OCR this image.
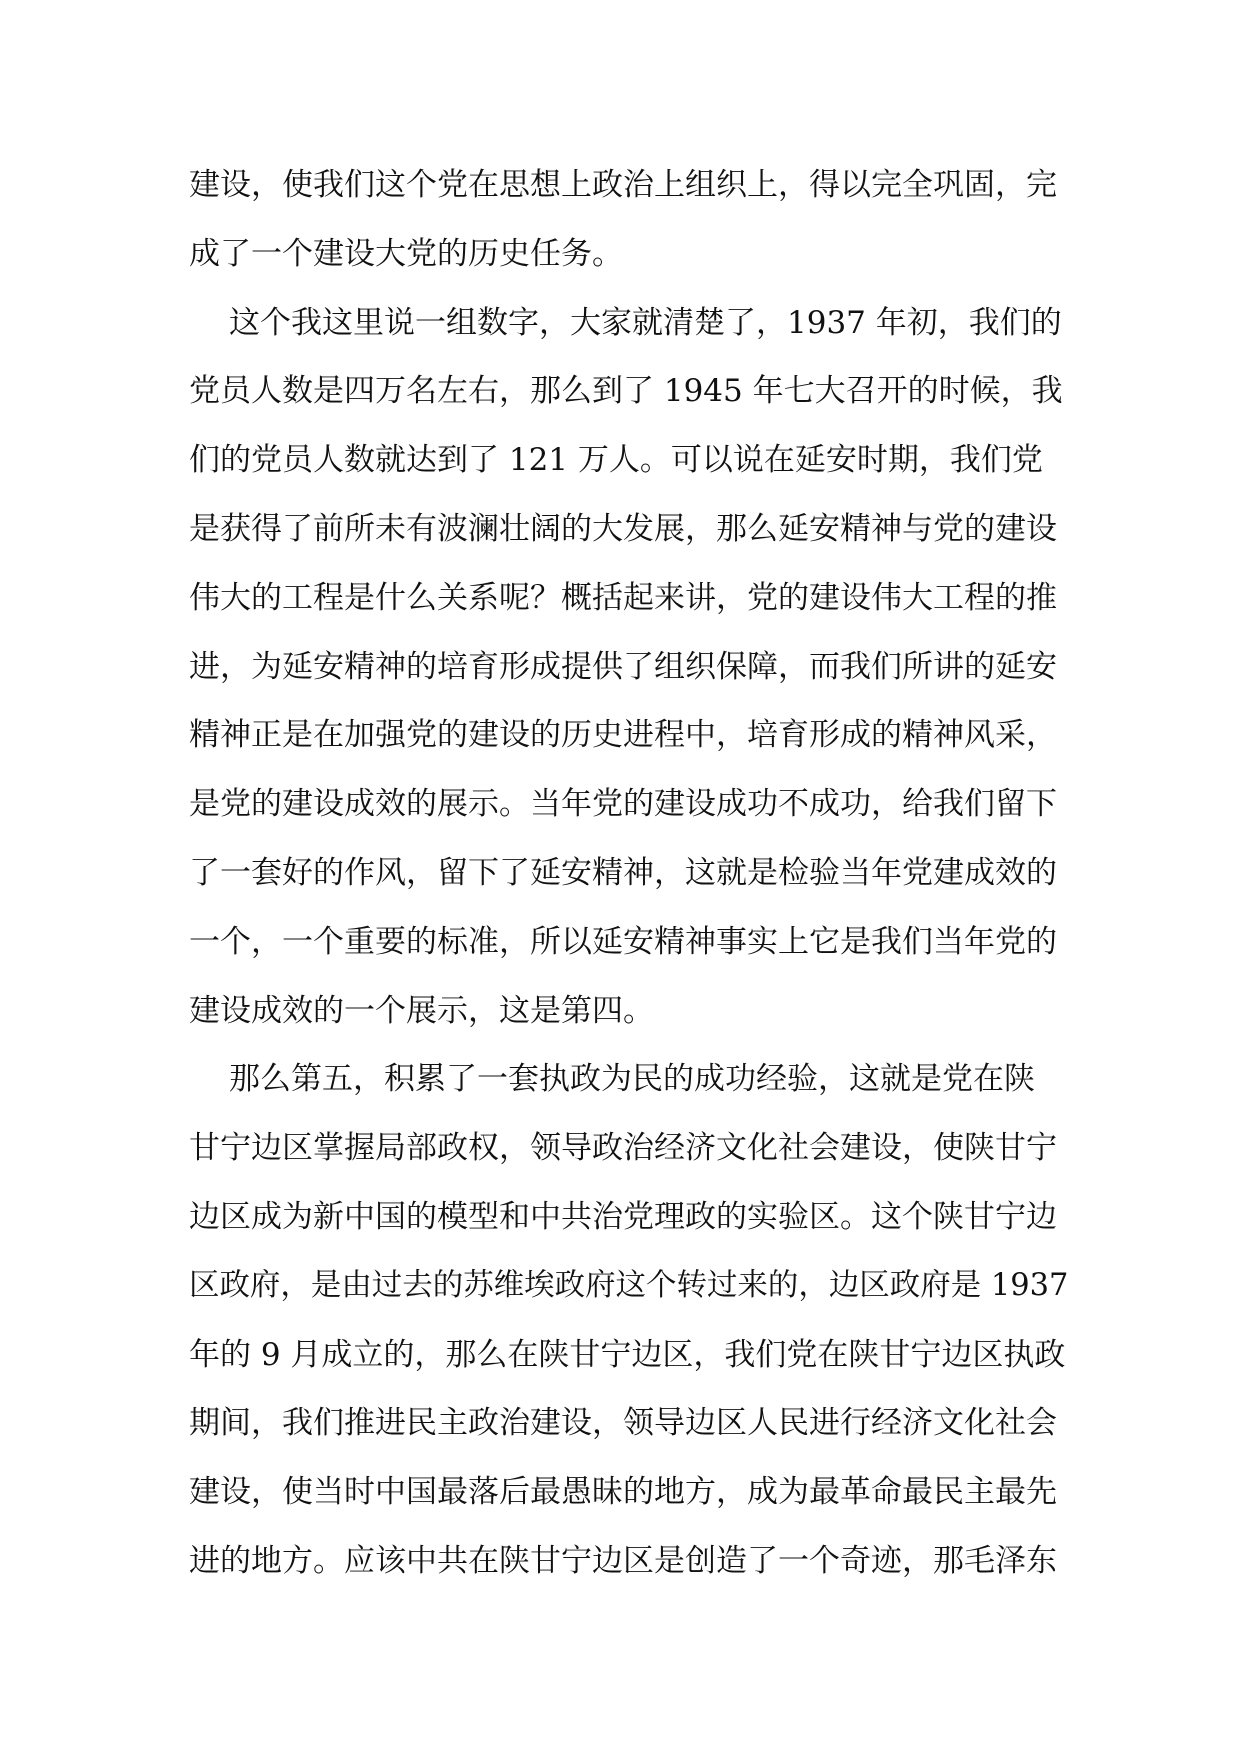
建设，使我们这个党在思想上政治上组织上，得以完全巩固，完
成了一个建设大党的历史任务。
这个我这里说一组数字，大家就清楚了，1937 年初，我们的
党员人数是四万名左右，那么到了 1945 年七大召开的时候，我
们的党员人数就达到了 121 万人。可以说在延安时期，我们党
是获得了前所未有波澜壮阔的大发展，那么延安精神与党的建设
伟大的工程是什么关系呢？概括起来讲，党的建设伟大工程的推
进，为延安精神的培育形成提供了组织保障，而我们所讲的延安
精神正是在加强党的建设的历史进程中，培育形成的精神风采，
是党的建设成效的展示。当年党的建设成功不成功，给我们留下
了一套好的作风，留下了延安精神，这就是检验当年党建成效的
一个，一个重要的标准，所以延安精神事实上它是我们当年党的
建设成效的一个展示，这是第四。
那么第五，积累了一套执政为民的成功经验，这就是党在陕
甘宁边区掌握局部政权，领导政治经济文化社会建设，使陕甘宁
边区成为新中国的模型和中共治党理政的实验区。这个陕甘宁边
区政府，是由过去的苏维埃政府这个转过来的，边区政府是 1937
年的 9 月成立的，那么在陕甘宁边区，我们党在陕甘宁边区执政
期间，我们推进民主政治建设，领导边区人民进行经济文化社会
建设，使当时中国最落后最愚昧的地方，成为最革命最民主最先
进的地方。应该中共在陕甘宁边区是创造了一个奇迹，那毛泽东
